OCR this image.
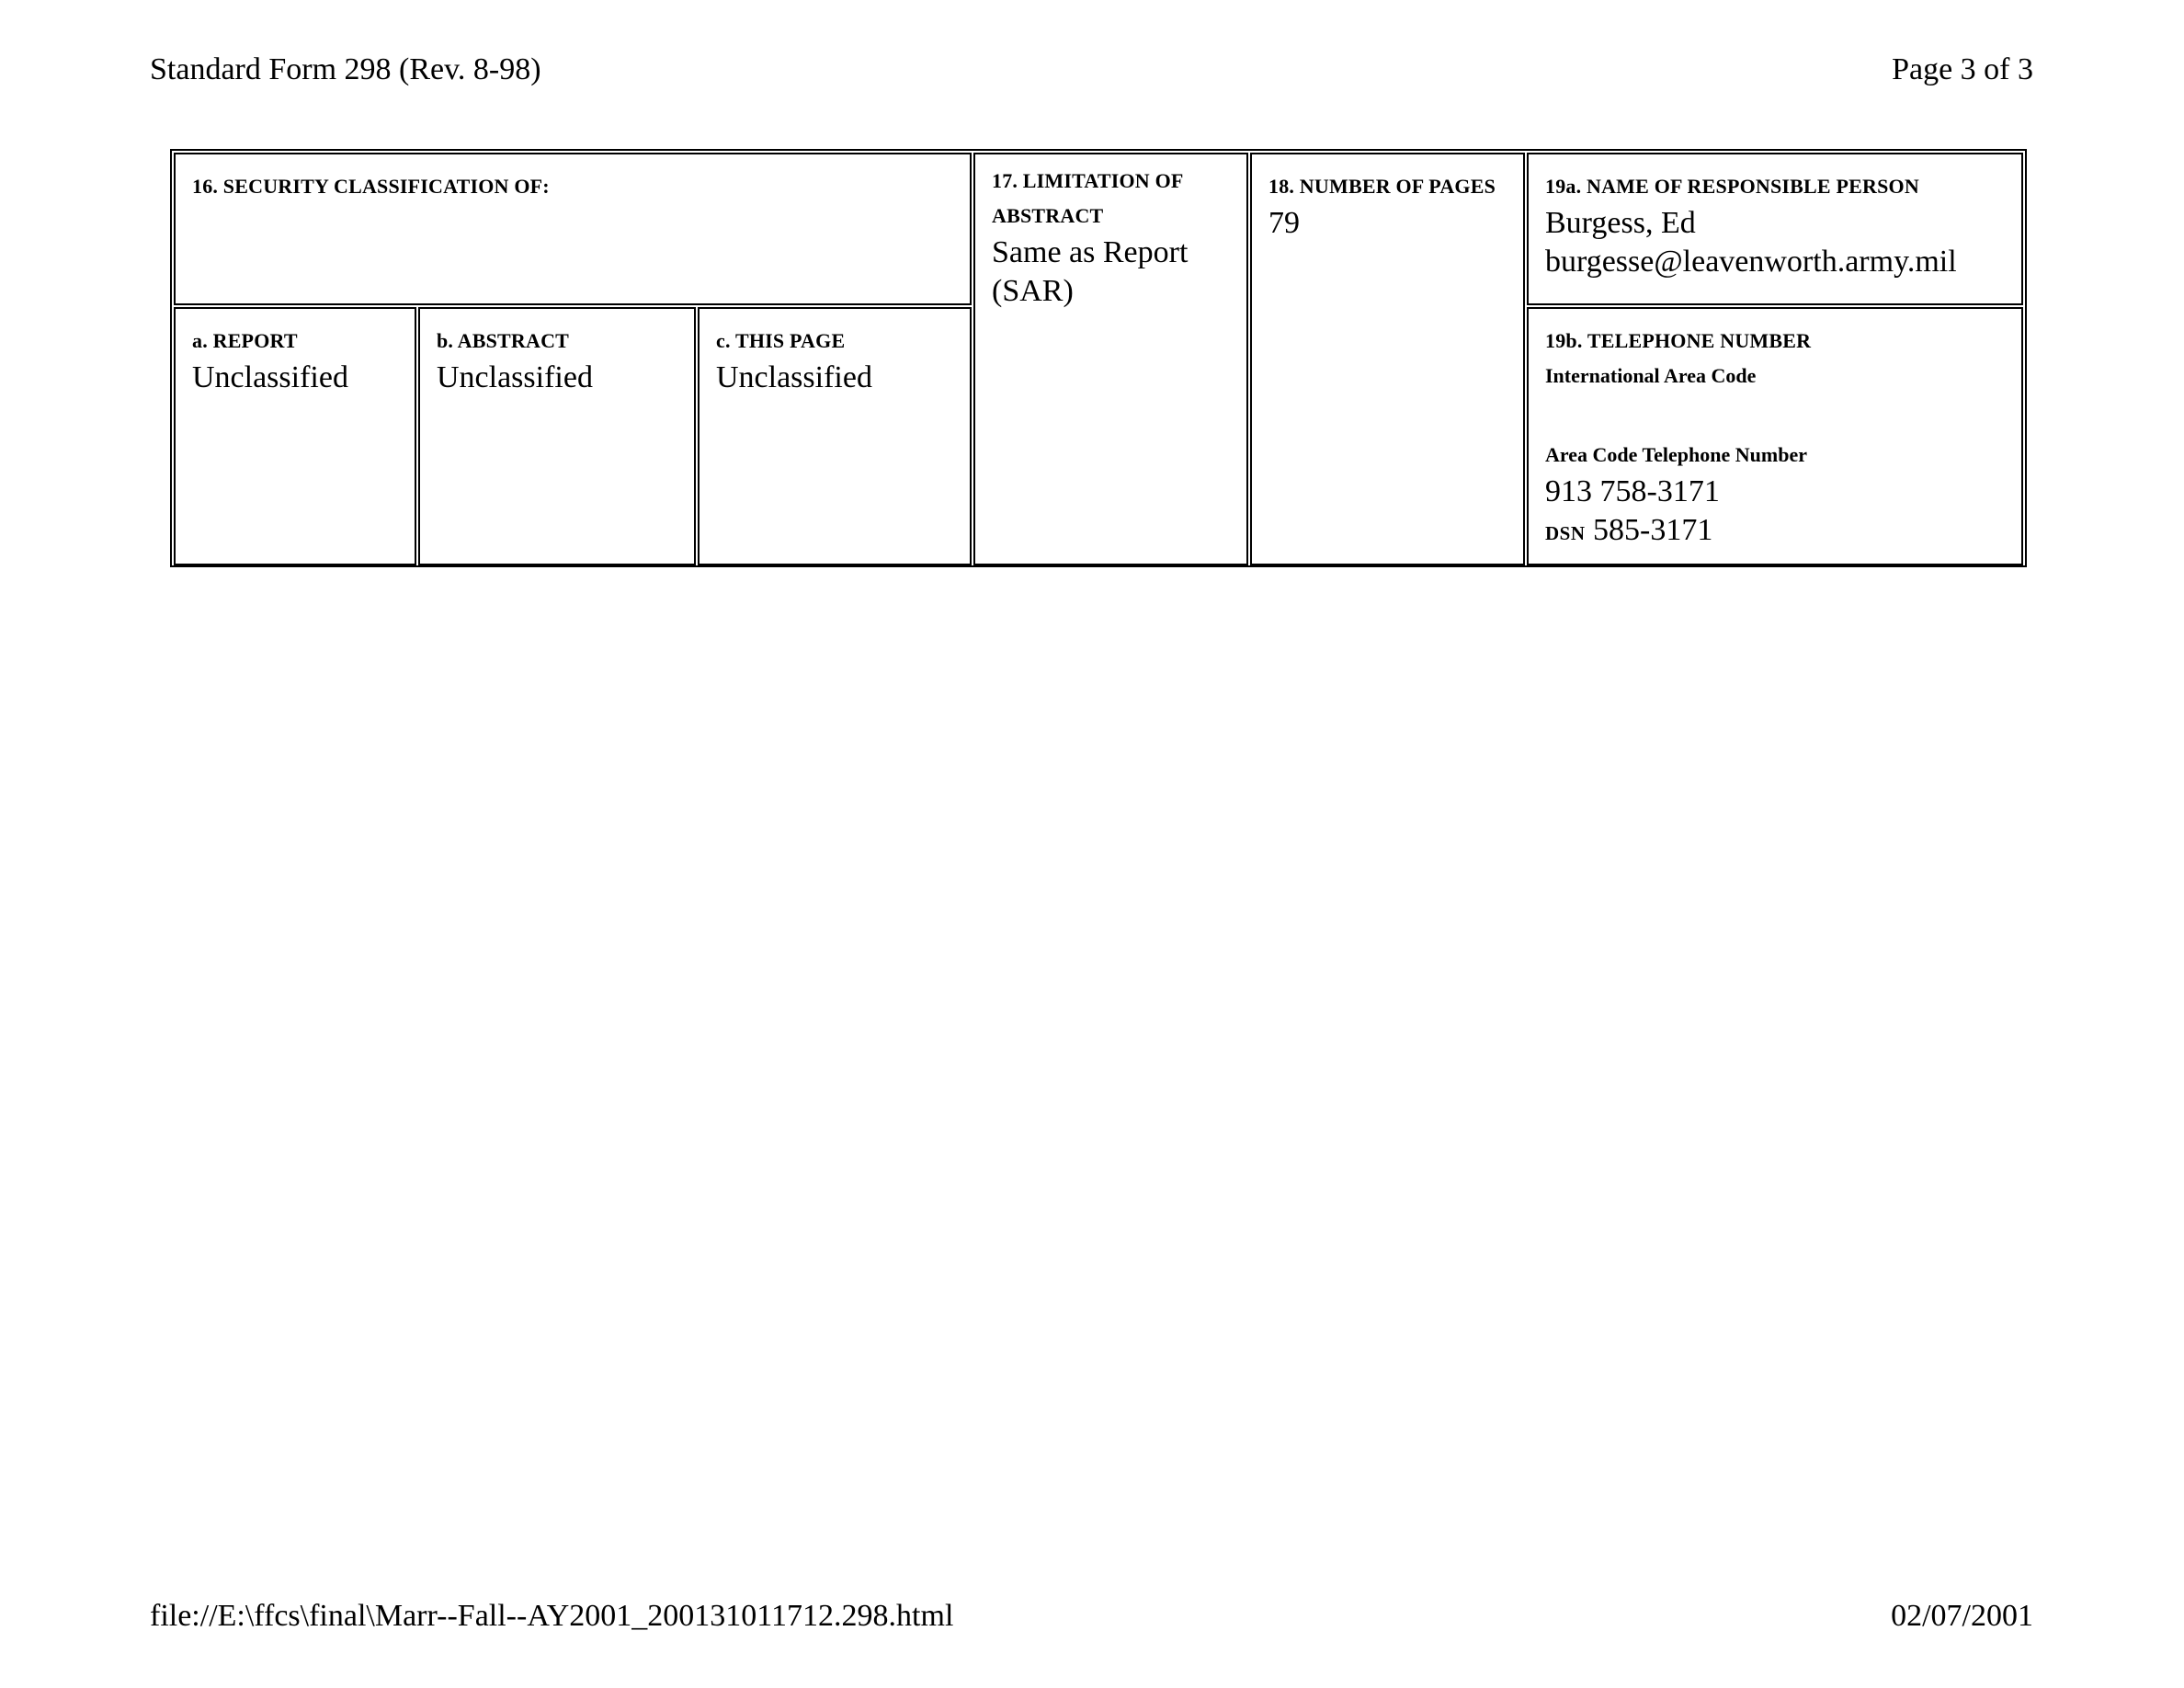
Standard Form 298 (Rev. 8-98)	Page 3 of 3
16. SECURITY CLASSIFICATION OF:
a. REPORT
Unclassified
b. ABSTRACT
Unclassified
c. THIS PAGE
Unclassified
17. LIMITATION OF
ABSTRACT
Same as Report
(SAR)
18. NUMBER OF PAGES
79
19a. NAME OF RESPONSIBLE PERSON
Burgess, Ed
burgesse@leavenworth.army.mil
19b. TELEPHONE NUMBER
International Area Code
Area Code Telephone Number
913 758-3171
DSN 585-3171
file://E:\ffcs\final\Marr--Fall--AY2001_200131011712.298.html	02/07/2001
